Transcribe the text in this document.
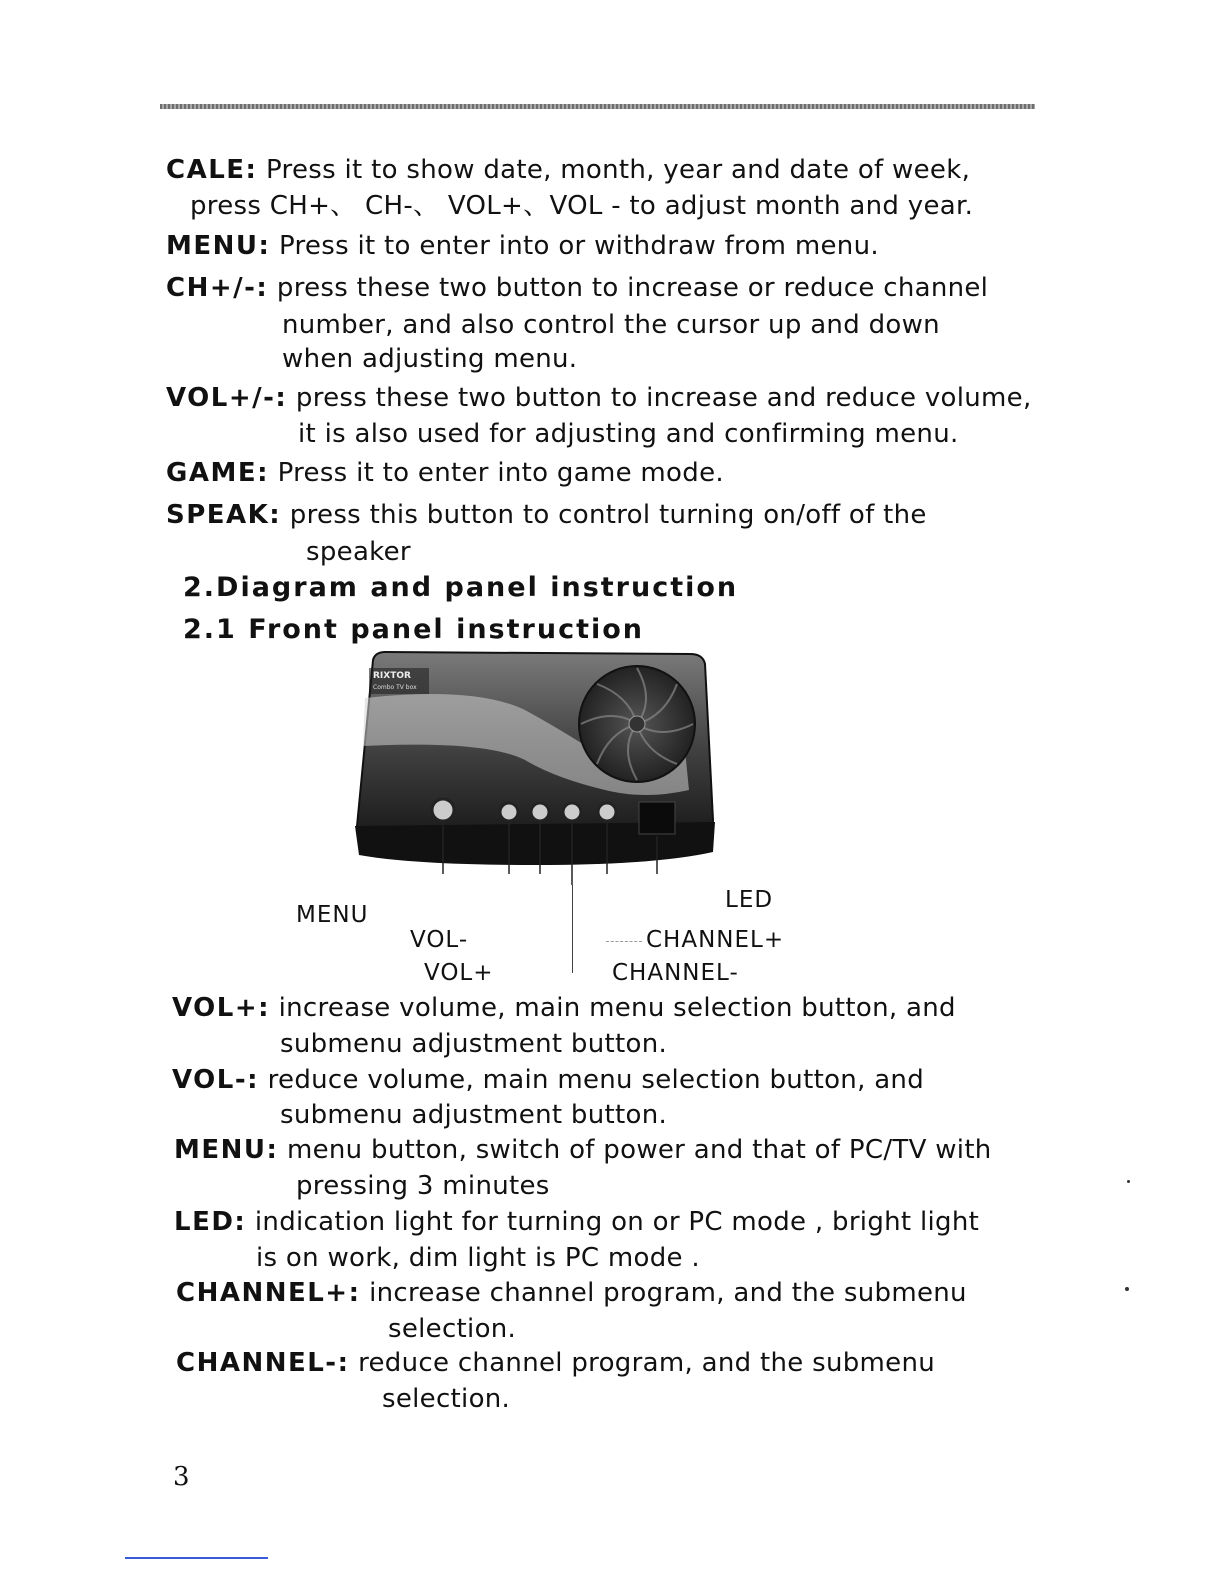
CALE: Press it to show date, month, year and date of week,
press CH+、 CH-、 VOL+、VOL - to adjust month and year.
MENU: Press it to enter into or withdraw from menu.
CH+/-: press these two button to increase or reduce channel
number, and also control the cursor up and down
when adjusting menu.
VOL+/-: press these two button to increase and reduce volume,
it is also used for adjusting and confirming menu.
GAME: Press it to enter into game mode.
SPEAK: press this button to control turning on/off of the
speaker
2.Diagram and panel instruction
2.1 Front panel instruction
RIXTOR
Combo TV box
MENU
VOL-
VOL+
LED
CHANNEL+
CHANNEL-
VOL+: increase volume, main menu selection button, and
submenu adjustment button.
VOL-: reduce volume, main menu selection button, and
submenu adjustment button.
MENU: menu button, switch of power and that of PC/TV with
pressing 3 minutes
LED: indication light for turning on or PC mode , bright light
is on work, dim light is PC mode .
CHANNEL+: increase channel program, and the submenu
selection.
CHANNEL-: reduce channel program, and the submenu
selection.
3
